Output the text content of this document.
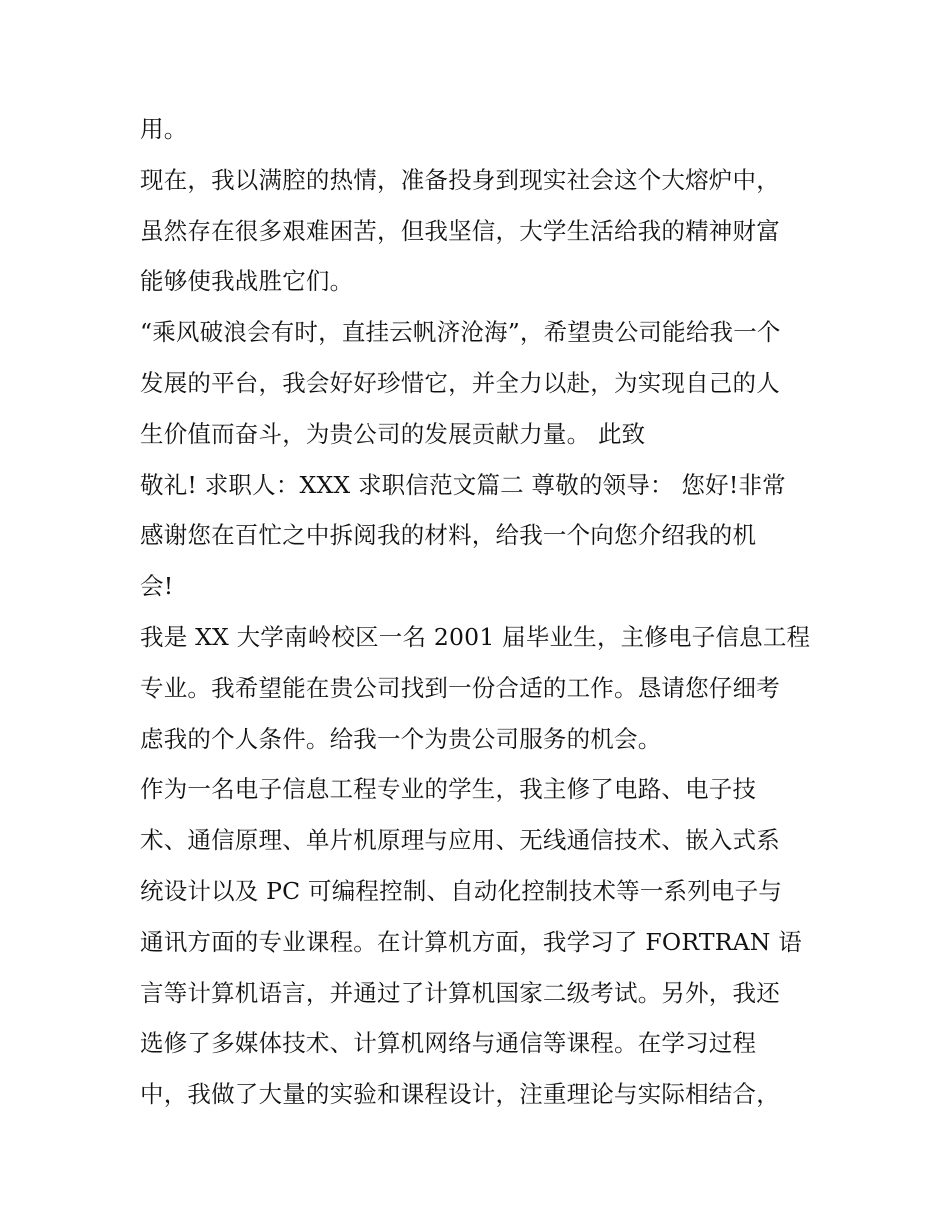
用。
现在，我以满腔的热情，准备投身到现实社会这个大熔炉中，
虽然存在很多艰难困苦，但我坚信，大学生活给我的精神财富
能够使我战胜它们。
“乘风破浪会有时，直挂云帆济沧海”，希望贵公司能给我一个
发展的平台，我会好好珍惜它，并全力以赴，为实现自己的人
生价值而奋斗，为贵公司的发展贡献力量。 此致
敬礼! 求职人：XXX 求职信范文篇二 尊敬的领导： 您好!非常
感谢您在百忙之中拆阅我的材料，给我一个向您介绍我的机
会!
我是 XX 大学南岭校区一名 2001 届毕业生，主修电子信息工程
专业。我希望能在贵公司找到一份合适的工作。恳请您仔细考
虑我的个人条件。给我一个为贵公司服务的机会。
作为一名电子信息工程专业的学生，我主修了电路、电子技
术、通信原理、单片机原理与应用、无线通信技术、嵌入式系
统设计以及 PC 可编程控制、自动化控制技术等一系列电子与
通讯方面的专业课程。在计算机方面，我学习了 FORTRAN 语
言等计算机语言，并通过了计算机国家二级考试。另外，我还
选修了多媒体技术、计算机网络与通信等课程。在学习过程
中，我做了大量的实验和课程设计，注重理论与实际相结合，
